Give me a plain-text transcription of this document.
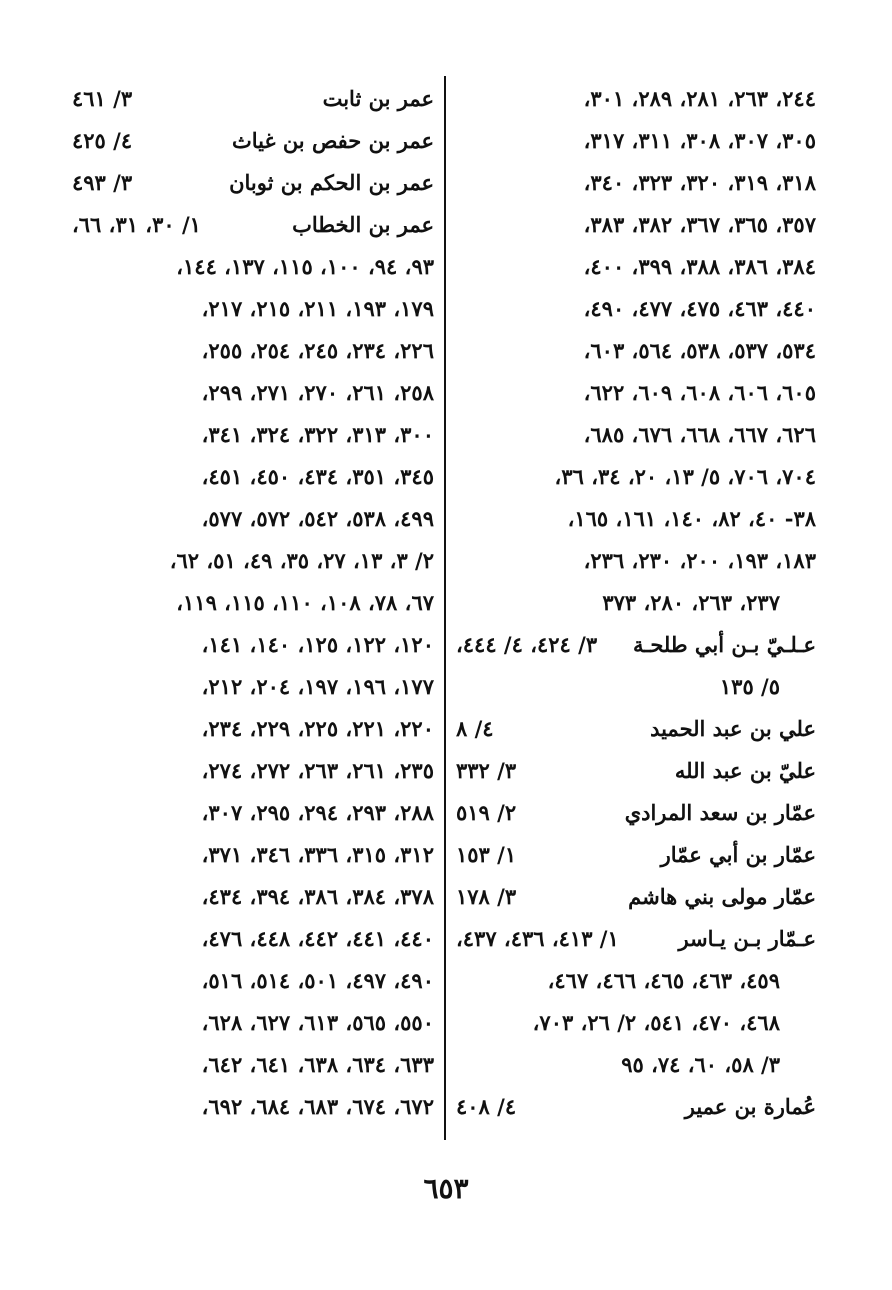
٢٤٤، ٢٦٣، ٢٨١، ٢٨٩، ٣٠١،
٣٠٥، ٣٠٧، ٣٠٨، ٣١١، ٣١٧،
٣١٨، ٣١٩، ٣٢٠، ٣٢٣، ٣٤٠،
٣٥٧، ٣٦٥، ٣٦٧، ٣٨٢، ٣٨٣،
٣٨٤، ٣٨٦، ٣٨٨، ٣٩٩، ٤٠٠،
٤٤٠، ٤٦٣، ٤٧٥، ٤٧٧، ٤٩٠،
٥٣٤، ٥٣٧، ٥٣٨، ٥٦٤، ٦٠٣،
٦٠٥، ٦٠٦، ٦٠٨، ٦٠٩، ٦٢٢،
٦٢٦، ٦٦٧، ٦٦٨، ٦٧٦، ٦٨٥،
٧٠٤، ٧٠٦، ٥/ ١٣، ٢٠، ٣٤، ٣٦،
٣٨- ٤٠، ٨٢، ١٤٠، ١٦١، ١٦٥،
١٨٣، ١٩٣، ٢٠٠، ٢٣٠، ٢٣٦،
٢٣٧، ٢٦٣، ٢٨٠، ٣٧٣
عـلـيّ بـن أبي طلحـة
٣/ ٤٢٤، ٤/ ٤٤٤،
٥/ ١٣٥
علي بن عبد الحميد
٤/ ٨
عليّ بن عبد الله
٣/ ٣٣٢
عمّار بن سعد المرادي
٢/ ٥١٩
عمّار بن أبي عمّار
١/ ١٥٣
عمّار مولى بني هاشم
٣/ ١٧٨
عـمّار بـن يـاسر
١/ ٤١٣، ٤٣٦، ٤٣٧،
٤٥٩، ٤٦٣، ٤٦٥، ٤٦٦، ٤٦٧،
٤٦٨، ٤٧٠، ٥٤١، ٢/ ٢٦، ٧٠٣،
٣/ ٥٨، ٦٠، ٧٤، ٩٥
عُمارة بن عمير
٤/ ٤٠٨
عمر بن ثابت
٣/ ٤٦١
عمر بن حفص بن غياث
٤/ ٤٢٥
عمر بن الحكم بن ثوبان
٣/ ٤٩٣
عمر بن الخطاب
١/ ٣٠، ٣١، ٦٦،
٩٣، ٩٤، ١٠٠، ١١٥، ١٣٧، ١٤٤،
١٧٩، ١٩٣، ٢١١، ٢١٥، ٢١٧،
٢٢٦، ٢٣٤، ٢٤٥، ٢٥٤، ٢٥٥،
٢٥٨، ٢٦١، ٢٧٠، ٢٧١، ٢٩٩،
٣٠٠، ٣١٣، ٣٢٢، ٣٢٤، ٣٤١،
٣٤٥، ٣٥١، ٤٣٤، ٤٥٠، ٤٥١،
٤٩٩، ٥٣٨، ٥٤٢، ٥٧٢، ٥٧٧،
٢/ ٣، ١٣، ٢٧، ٣٥، ٤٩، ٥١، ٦٢،
٦٧، ٧٨، ١٠٨، ١١٠، ١١٥، ١١٩،
١٢٠، ١٢٢، ١٢٥، ١٤٠، ١٤١،
١٧٧، ١٩٦، ١٩٧، ٢٠٤، ٢١٢،
٢٢٠، ٢٢١، ٢٢٥، ٢٢٩، ٢٣٤،
٢٣٥، ٢٦١، ٢٦٣، ٢٧٢، ٢٧٤،
٢٨٨، ٢٩٣، ٢٩٤، ٢٩٥، ٣٠٧،
٣١٢، ٣١٥، ٣٣٦، ٣٤٦، ٣٧١،
٣٧٨، ٣٨٤، ٣٨٦، ٣٩٤، ٤٣٤،
٤٤٠، ٤٤١، ٤٤٢، ٤٤٨، ٤٧٦،
٤٩٠، ٤٩٧، ٥٠١، ٥١٤، ٥١٦،
٥٥٠، ٥٦٥، ٦١٣، ٦٢٧، ٦٢٨،
٦٣٣، ٦٣٤، ٦٣٨، ٦٤١، ٦٤٢،
٦٧٢، ٦٧٤، ٦٨٣، ٦٨٤، ٦٩٢،
٦٥٣
